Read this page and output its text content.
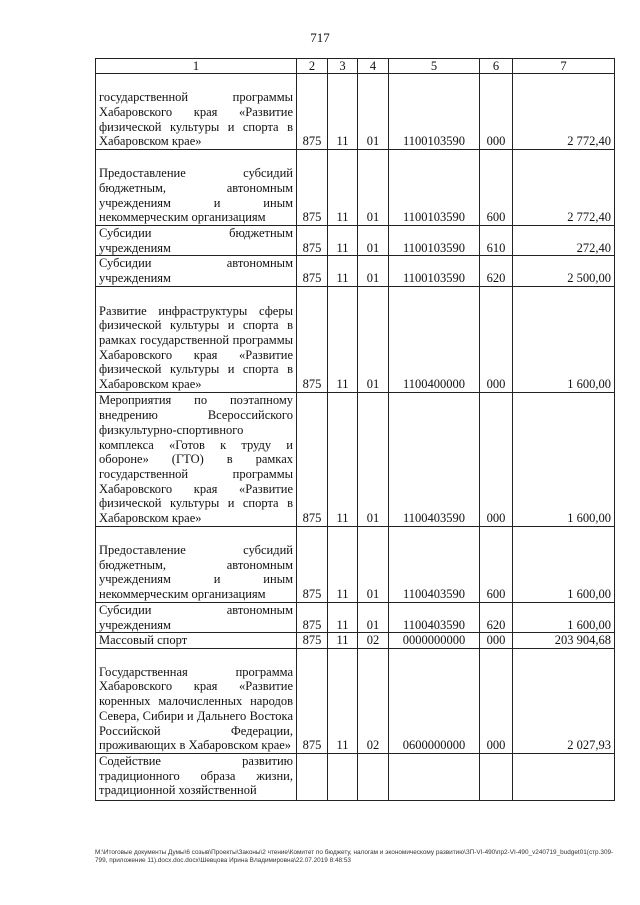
717
1	2	3	4	5	6	7
государственной программы Хабаровского края «Развитие физической культуры и спорта в Хабаровском крае»	875	11	01	1100103590	000	2 772,40
Предоставление субсидий бюджетным, автономным учреждениям и иным некоммерческим организациям	875	11	01	1100103590	600	2 772,40
Субсидии бюджетным учреждениям	875	11	01	1100103590	610	272,40
Субсидии автономным учреждениям	875	11	01	1100103590	620	2 500,00
Развитие инфраструктуры сферы физической культуры и спорта в рамках государственной программы Хабаровского края «Развитие физической культуры и спорта в Хабаровском крае»	875	11	01	1100400000	000	1 600,00
Мероприятия по поэтапному внедрению Всероссийского физкультурно-спортивного комплекса «Готов к труду и обороне» (ГТО) в рамках государственной программы Хабаровского края «Развитие физической культуры и спорта в Хабаровском крае»	875	11	01	1100403590	000	1 600,00
Предоставление субсидий бюджетным, автономным учреждениям и иным некоммерческим организациям	875	11	01	1100403590	600	1 600,00
Субсидии автономным учреждениям	875	11	01	1100403590	620	1 600,00
Массовый спорт	875	11	02	0000000000	000	203 904,68
Государственная программа Хабаровского края «Развитие коренных малочисленных народов Севера, Сибири и Дальнего Востока Российской Федерации, проживающих в Хабаровском крае»	875	11	02	0600000000	000	2 027,93
Содействие развитию традиционного образа жизни, традиционной хозяйственной						
М:\Итоговые документы Думы\6 созыв\Проекты\Законы\2 чтение\Комитет по бюджету, налогам и экономическому развитию\ЗП-VI-490\пр2-VI-490_v240719_budget01(стр.309-799, приложение 11).docx.doc.docx\Шевцова Ирина Владимировна\22.07.2019 8:48:53
